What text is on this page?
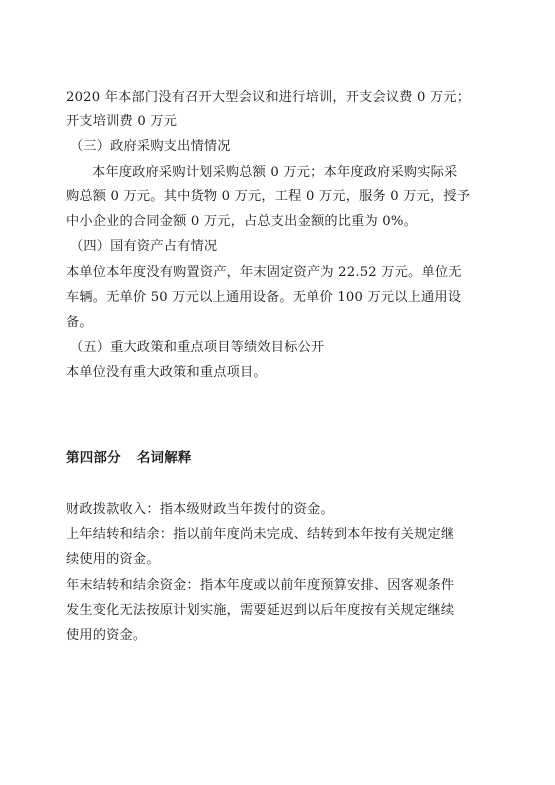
2020 年本部门没有召开大型会议和进行培训，开支会议费 0 万元；
开支培训费 0 万元
（三）政府采购支出情情况
本年度政府采购计划采购总额 0 万元；本年度政府采购实际采
购总额 0 万元。其中货物 0 万元，工程 0 万元，服务 0 万元，授予
中小企业的合同金额 0 万元，占总支出金额的比重为 0%。
（四）国有资产占有情况
本单位本年度没有购置资产，年末固定资产为 22.52 万元。单位无
车辆。无单价 50 万元以上通用设备。无单价 100 万元以上通用设
备。
（五）重大政策和重点项目等绩效目标公开
本单位没有重大政策和重点项目。
第四部分 名词解释
财政拨款收入：指本级财政当年拨付的资金。
上年结转和结余：指以前年度尚未完成、结转到本年按有关规定继
续使用的资金。
年末结转和结余资金：指本年度或以前年度预算安排、因客观条件
发生变化无法按原计划实施，需要延迟到以后年度按有关规定继续
使用的资金。
